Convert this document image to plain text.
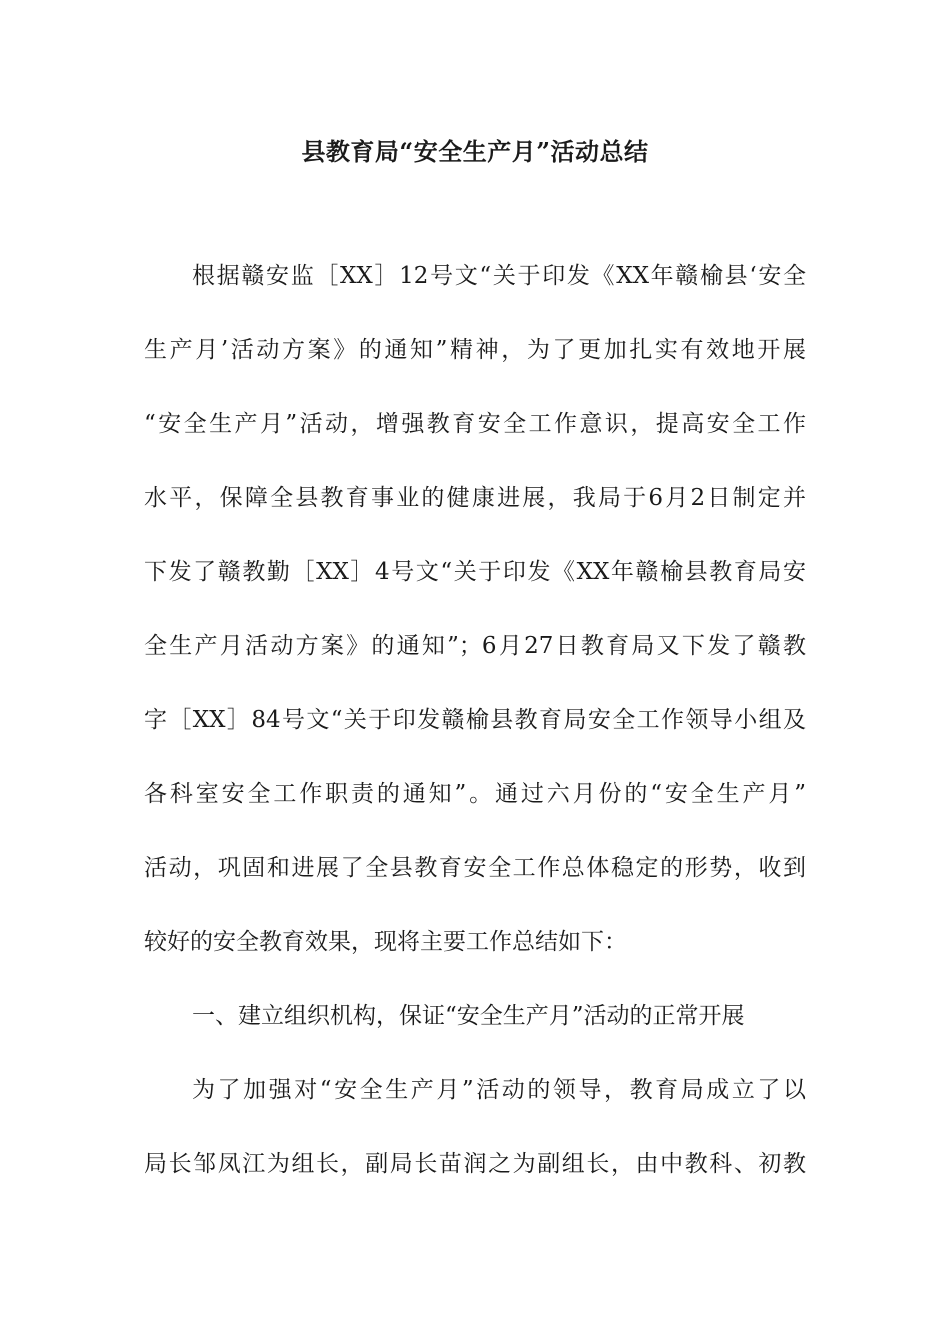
县教育局“安全生产月”活动总结
根据赣安监［XX］12号文“关于印发《XX年赣榆县‘安全
生产月’活动方案》的通知”精神，为了更加扎实有效地开展
“安全生产月”活动，增强教育安全工作意识，提高安全工作
水平，保障全县教育事业的健康进展，我局于6月2日制定并
下发了赣教勤［XX］4号文“关于印发《XX年赣榆县教育局安
全生产月活动方案》的通知”；6月27日教育局又下发了赣教
字［XX］84号文“关于印发赣榆县教育局安全工作领导小组及
各科室安全工作职责的通知”。通过六月份的“安全生产月”
活动，巩固和进展了全县教育安全工作总体稳定的形势，收到
较好的安全教育效果，现将主要工作总结如下：
一、建立组织机构，保证“安全生产月”活动的正常开展
为了加强对“安全生产月”活动的领导，教育局成立了以
局长邹凤江为组长，副局长苗润之为副组长，由中教科、初教
